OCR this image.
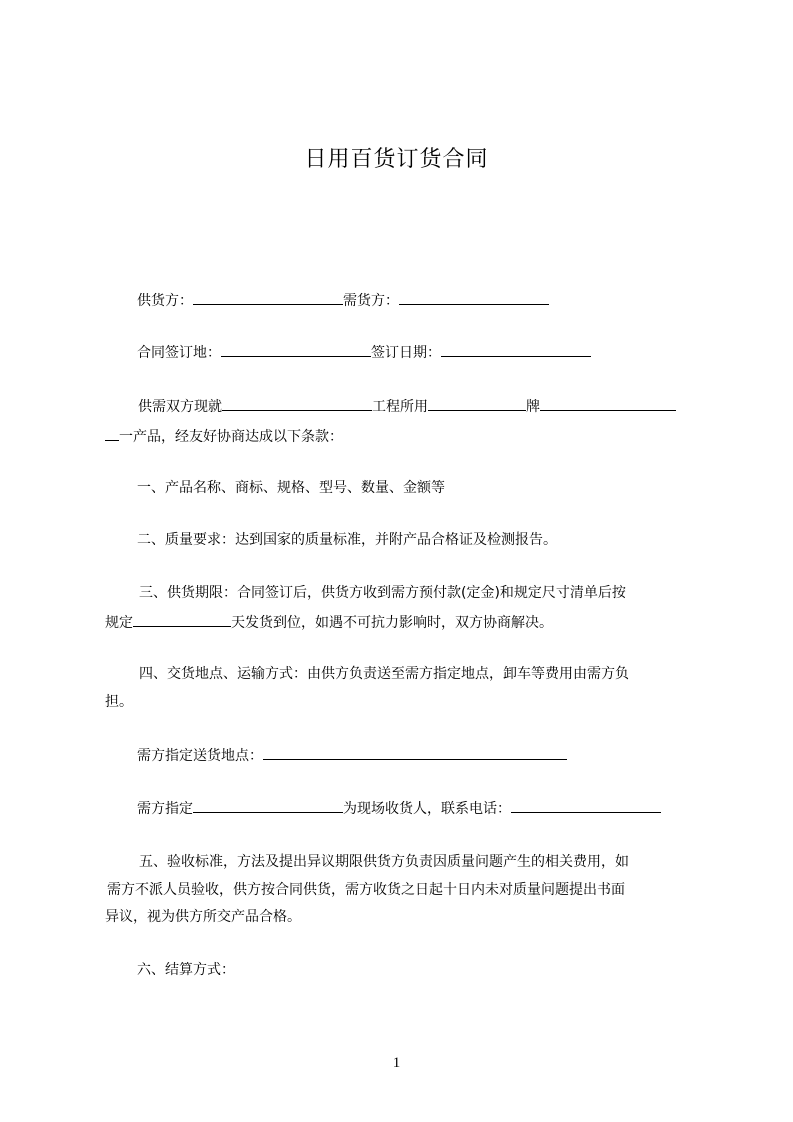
日用百货订货合同
供货方：	需货方：
合同签订地：	签订日期：
供需双方现就	工程所用	牌
一产品，经友好协商达成以下条款：
一、产品名称、商标、规格、型号、数量、金额等
二、质量要求：达到国家的质量标准，并附产品合格证及检测报告。
三、供货期限：合同签订后，供货方收到需方预付款(定金)和规定尺寸清单后按
规定	天发货到位，如遇不可抗力影响时，双方协商解决。
四、交货地点、运输方式：由供方负责送至需方指定地点，卸车等费用由需方负
担。
需方指定送货地点：
需方指定	为现场收货人，联系电话：
五、验收标准，方法及提出异议期限供货方负责因质量问题产生的相关费用，如
需方不派人员验收，供方按合同供货，需方收货之日起十日内未对质量问题提出书面
异议，视为供方所交产品合格。
六、结算方式：
1
